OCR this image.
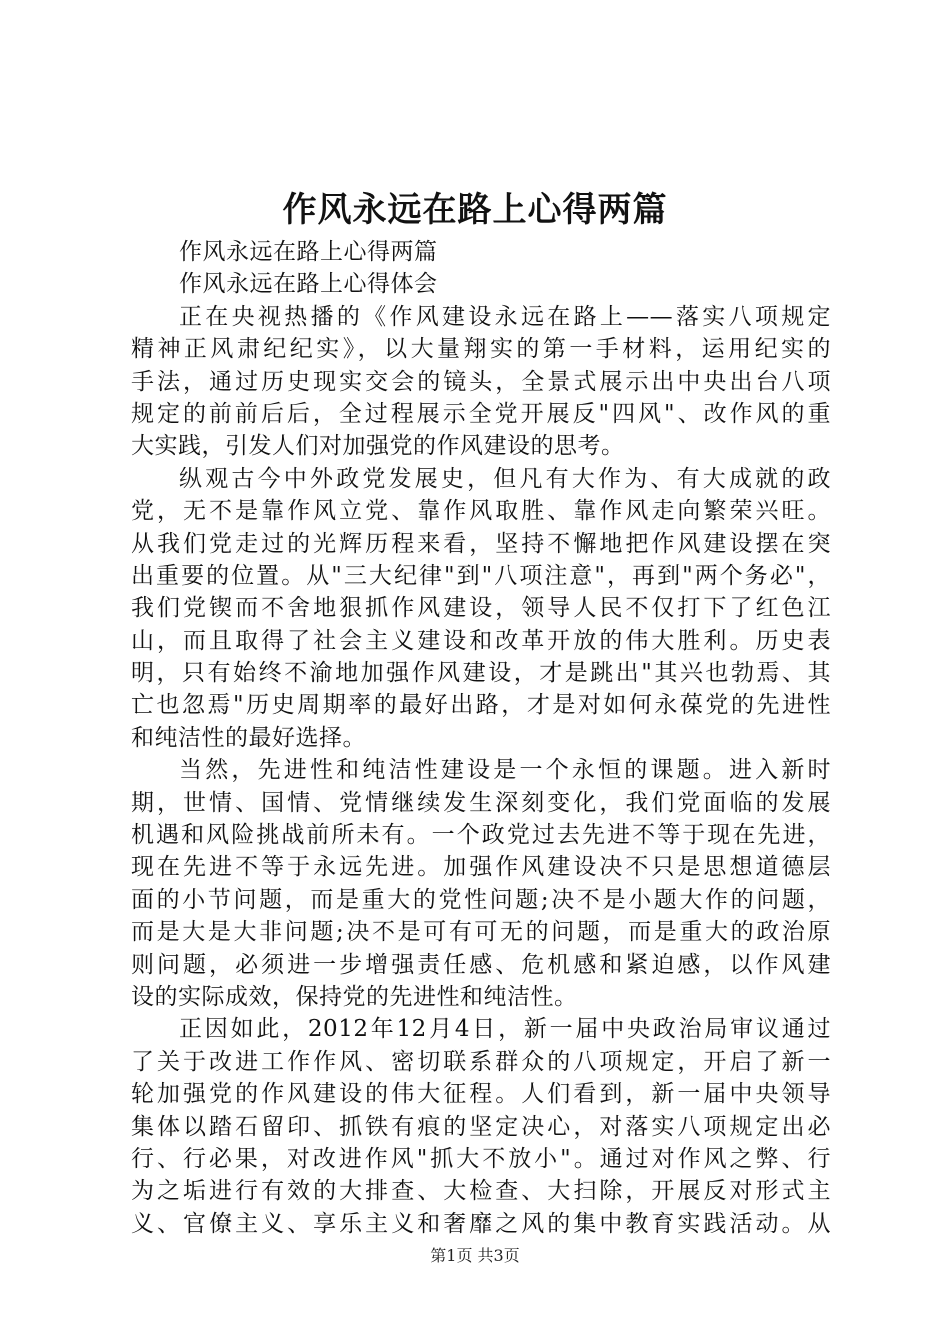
作风永远在路上心得两篇
作风永远在路上心得两篇
作风永远在路上心得体会
正在央视热播的《作风建设永远在路上——落实八项规定
精神正风肃纪纪实》，以大量翔实的第一手材料，运用纪实的
手法，通过历史现实交会的镜头，全景式展示出中央出台八项
规定的前前后后，全过程展示全党开展反"四风"、改作风的重
大实践，引发人们对加强党的作风建设的思考。
纵观古今中外政党发展史，但凡有大作为、有大成就的政
党，无不是靠作风立党、靠作风取胜、靠作风走向繁荣兴旺。
从我们党走过的光辉历程来看，坚持不懈地把作风建设摆在突
出重要的位置。从"三大纪律"到"八项注意"，再到"两个务必"，
我们党锲而不舍地狠抓作风建设，领导人民不仅打下了红色江
山，而且取得了社会主义建设和改革开放的伟大胜利。历史表
明，只有始终不渝地加强作风建设，才是跳出"其兴也勃焉、其
亡也忽焉"历史周期率的最好出路，才是对如何永葆党的先进性
和纯洁性的最好选择。
当然，先进性和纯洁性建设是一个永恒的课题。进入新时
期，世情、国情、党情继续发生深刻变化，我们党面临的发展
机遇和风险挑战前所未有。一个政党过去先进不等于现在先进，
现在先进不等于永远先进。加强作风建设决不只是思想道德层
面的小节问题，而是重大的党性问题;决不是小题大作的问题，
而是大是大非问题;决不是可有可无的问题，而是重大的政治原
则问题，必须进一步增强责任感、危机感和紧迫感，以作风建
设的实际成效，保持党的先进性和纯洁性。
正因如此，2012年12月4日，新一届中央政治局审议通过
了关于改进工作作风、密切联系群众的八项规定，开启了新一
轮加强党的作风建设的伟大征程。人们看到，新一届中央领导
集体以踏石留印、抓铁有痕的坚定决心，对落实八项规定出必
行、行必果，对改进作风"抓大不放小"。通过对作风之弊、行
为之垢进行有效的大排查、大检查、大扫除，开展反对形式主
义、官僚主义、享乐主义和奢靡之风的集中教育实践活动。从
第1页 共3页
